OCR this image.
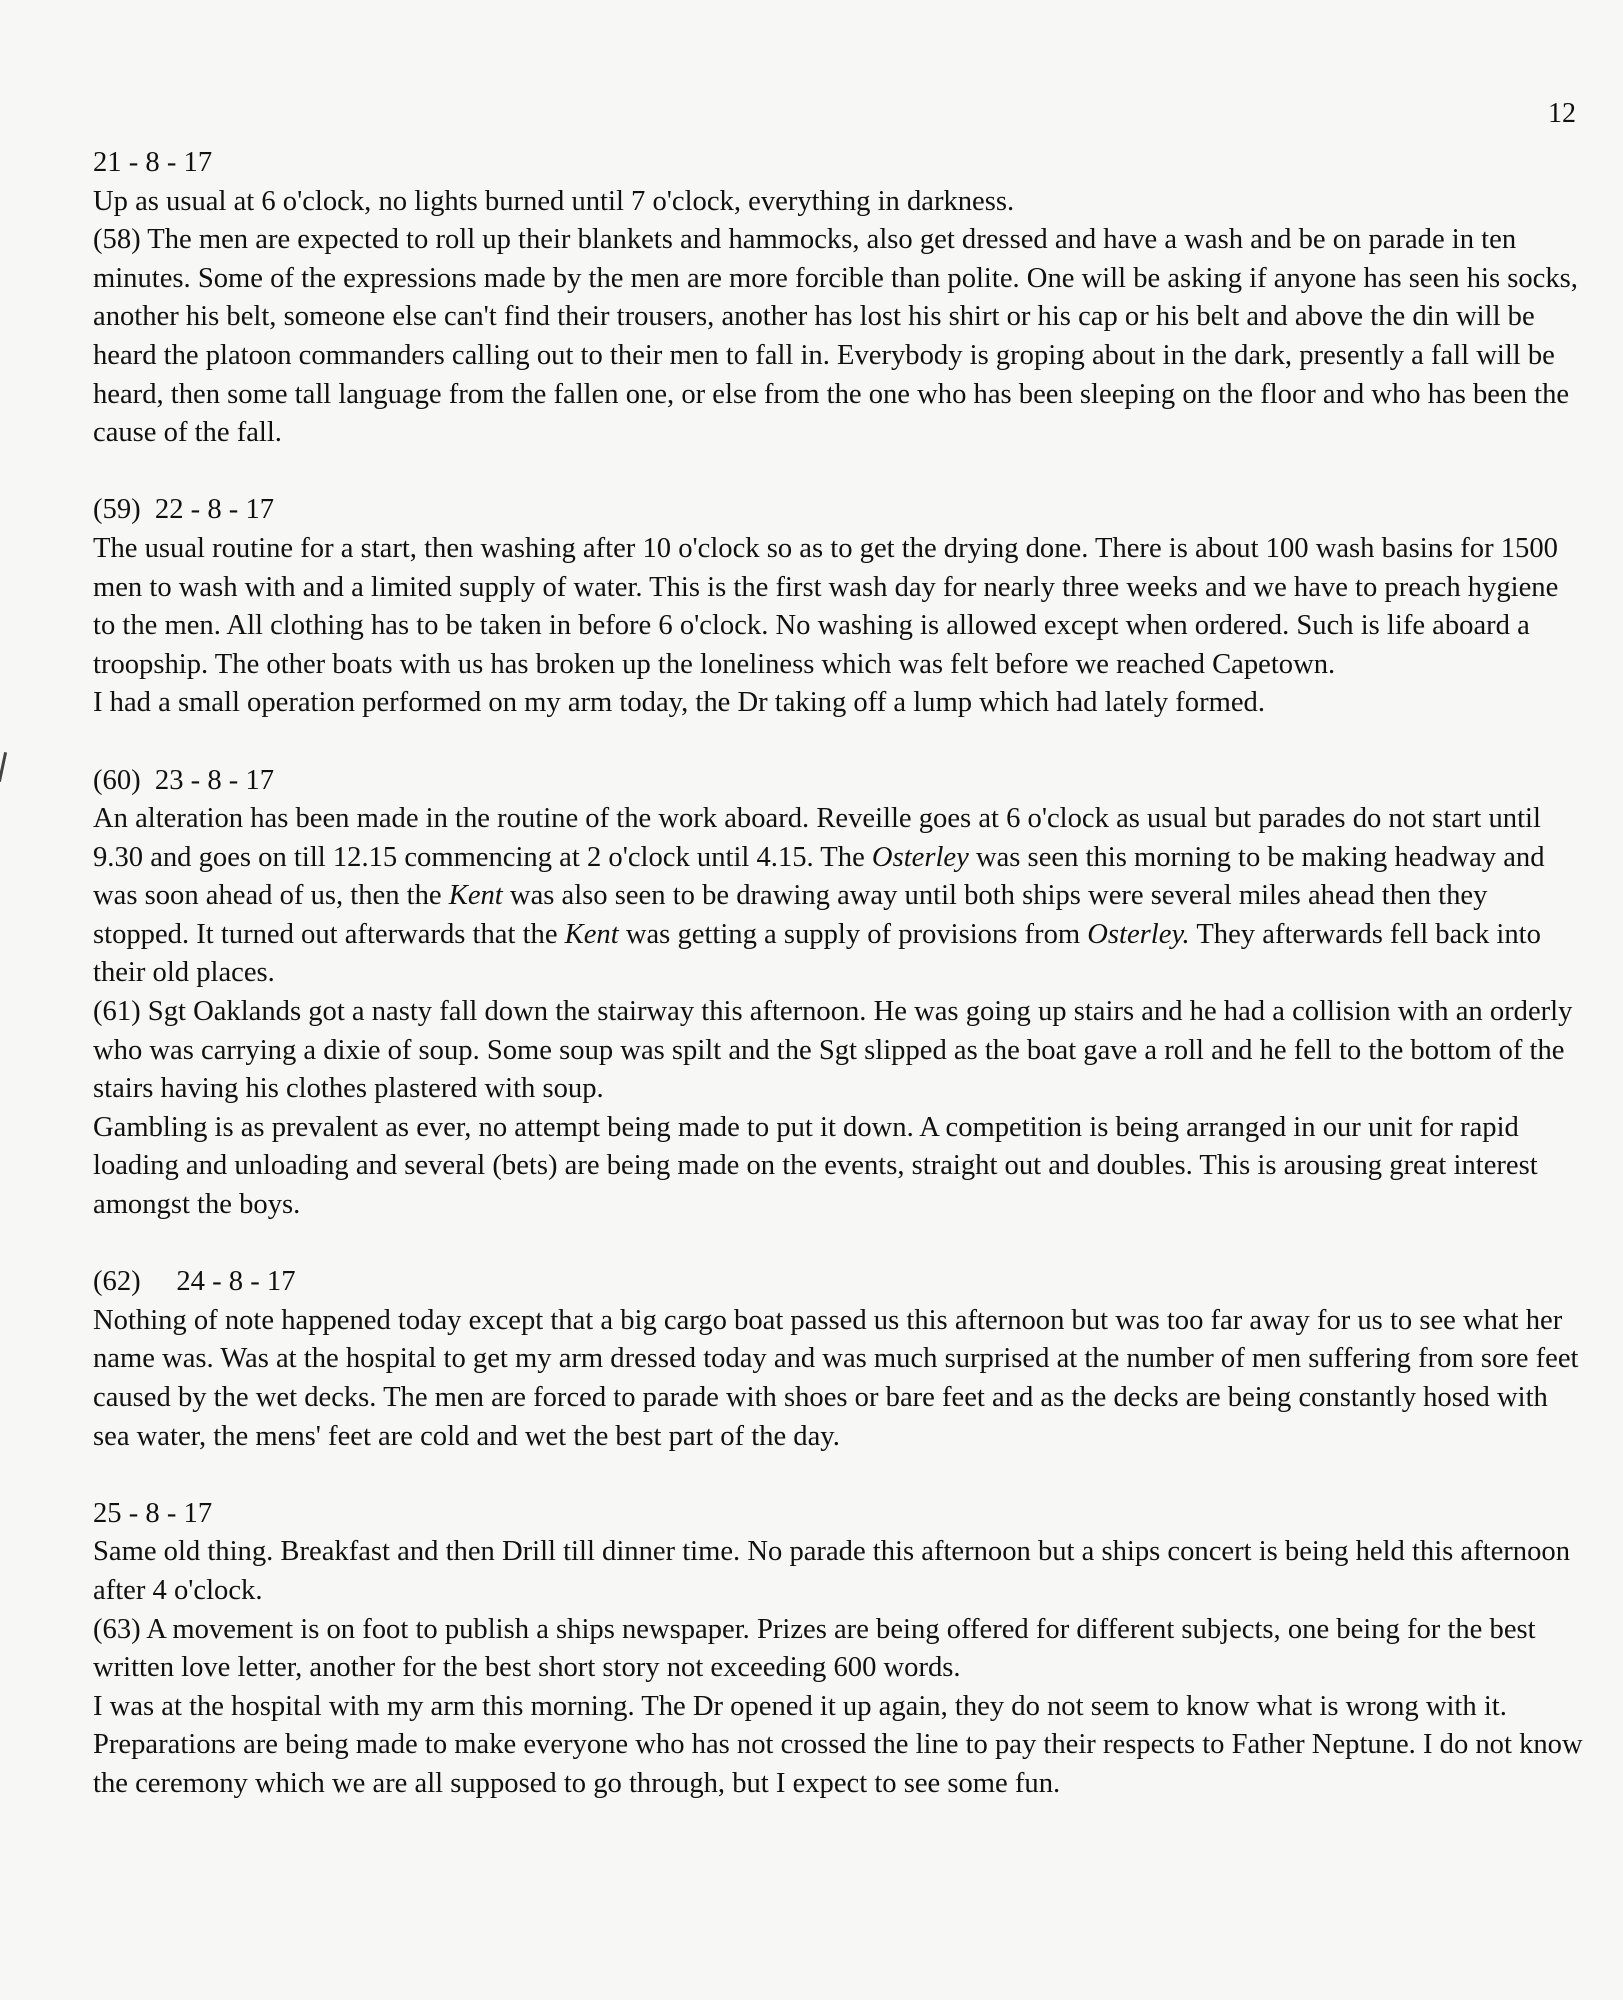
12

21 - 8 - 17

Up as usual at 6 o'clock, no lights burned until 7 o'clock, everything in darkness.

(58) The men are expected to roll up their blankets and hammocks, also get dressed and have a wash and be on parade in ten minutes. Some of the expressions made by the men are more forcible than polite. One will be asking if anyone has seen his socks, another his belt, someone else can't find their trousers, another has lost his shirt or his cap or his belt and above the din will be heard the platoon commanders calling out to their men to fall in. Everybody is groping about in the dark, presently a fall will be heard, then some tall language from the fallen one, or else from the one who has been sleeping on the floor and who has been the cause of the fall.

(59)  22 - 8 - 17

The usual routine for a start, then washing after 10 o'clock so as to get the drying done. There is about 100 wash basins for 1500 men to wash with and a limited supply of water. This is the first wash day for nearly three weeks and we have to preach hygiene to the men. All clothing has to be taken in before 6 o'clock. No washing is allowed except when ordered. Such is life aboard a troopship. The other boats with us has broken up the loneliness which was felt before we reached Capetown.

I had a small operation performed on my arm today, the Dr taking off a lump which had lately formed.

(60)  23 - 8 - 17

An alteration has been made in the routine of the work aboard. Reveille goes at 6 o'clock as usual but parades do not start until 9.30 and goes on till 12.15 commencing at 2 o'clock until 4.15. The Osterley was seen this morning to be making headway and was soon ahead of us, then the Kent was also seen to be drawing away until both ships were several miles ahead then they stopped. It turned out afterwards that the Kent was getting a supply of provisions from Osterley. They afterwards fell back into their old places.

(61) Sgt Oaklands got a nasty fall down the stairway this afternoon. He was going up stairs and he had a collision with an orderly who was carrying a dixie of soup. Some soup was spilt and the Sgt slipped as the boat gave a roll and he fell to the bottom of the stairs having his clothes plastered with soup.

Gambling is as prevalent as ever, no attempt being made to put it down. A competition is being arranged in our unit for rapid loading and unloading and several (bets) are being made on the events, straight out and doubles. This is arousing great interest amongst the boys.

(62)     24 - 8 - 17

Nothing of note happened today except that a big cargo boat passed us this afternoon but was too far away for us to see what her name was. Was at the hospital to get my arm dressed today and was much surprised at the number of men suffering from sore feet caused by the wet decks. The men are forced to parade with shoes or bare feet and as the decks are being constantly hosed with sea water, the mens' feet are cold and wet the best part of the day.

25 - 8 - 17

Same old thing. Breakfast and then Drill till dinner time. No parade this afternoon but a ships concert is being held this afternoon after 4 o'clock.

(63) A movement is on foot to publish a ships newspaper. Prizes are being offered for different subjects, one being for the best written love letter, another for the best short story not exceeding 600 words.

I was at the hospital with my arm this morning. The Dr opened it up again, they do not seem to know what is wrong with it.

Preparations are being made to make everyone who has not crossed the line to pay their respects to Father Neptune. I do not know the ceremony which we are all supposed to go through, but I expect to see some fun.
